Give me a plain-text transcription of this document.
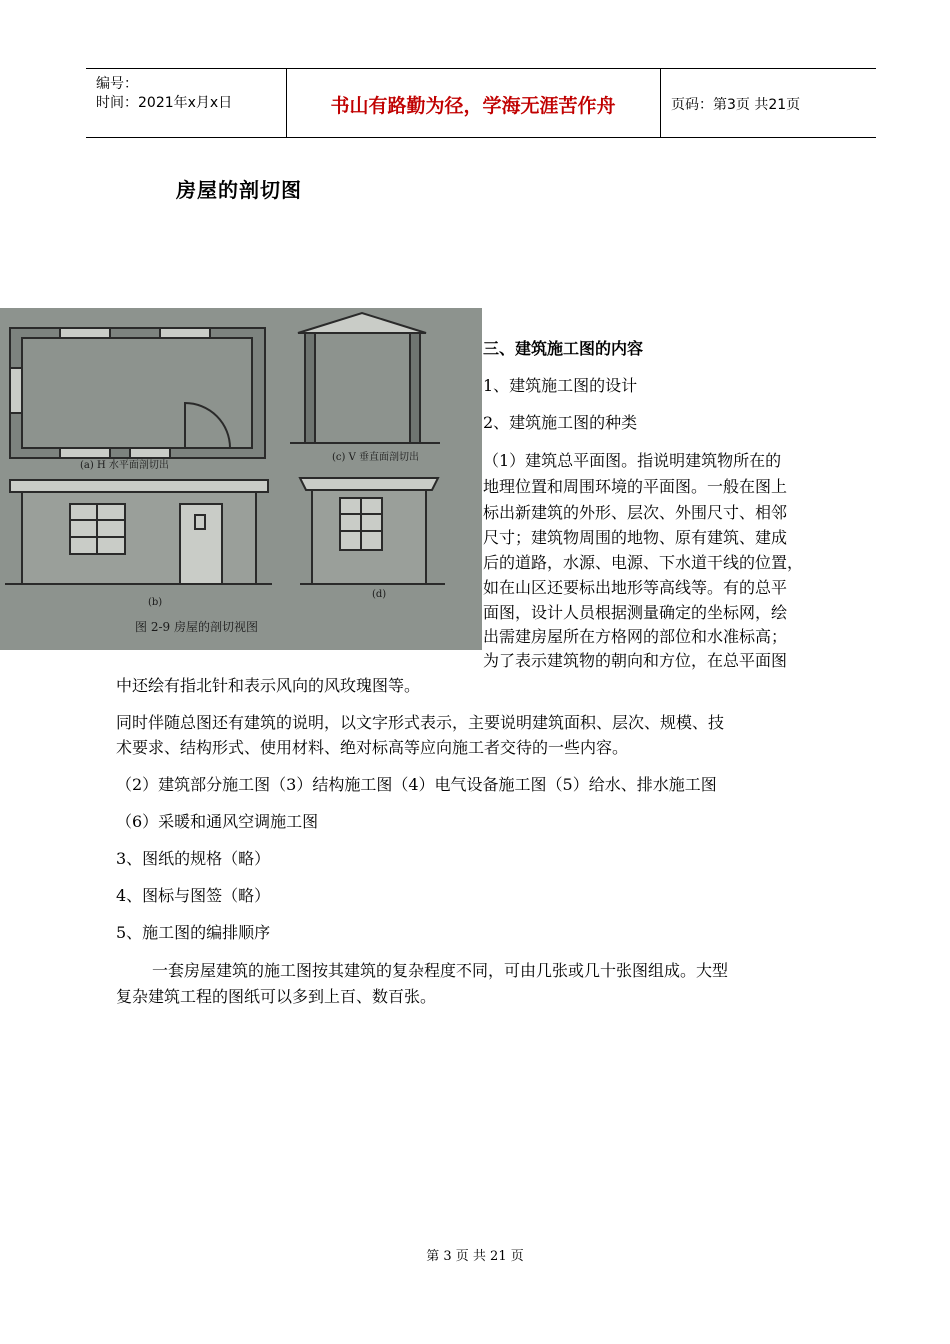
编号：
时间：2021年x月x日	书山有路勤为径，学海无涯苦作舟	页码：第3页 共21页
房屋的剖切图
(a) H 水平面剖切出
(c) V 垂直面剖切出
(b)
(d)
图 2-9 房屋的剖切视图
三、建筑施工图的内容
1、建筑施工图的设计
2、建筑施工图的种类
（1）建筑总平面图。指说明建筑物所在的
地理位置和周围环境的平面图。一般在图上
标出新建筑的外形、层次、外围尺寸、相邻
尺寸；建筑物周围的地物、原有建筑、建成
后的道路，水源、电源、下水道干线的位置，
如在山区还要标出地形等高线等。有的总平
面图，设计人员根据测量确定的坐标网，绘
出需建房屋所在方格网的部位和水准标高；
为了表示建筑物的朝向和方位，在总平面图
中还绘有指北针和表示风向的风玫瑰图等。
同时伴随总图还有建筑的说明，以文字形式表示，主要说明建筑面积、层次、规模、技
术要求、结构形式、使用材料、绝对标高等应向施工者交待的一些内容。
（2）建筑部分施工图（3）结构施工图（4）电气设备施工图（5）给水、排水施工图
（6）采暖和通风空调施工图
3、图纸的规格（略）
4、图标与图签（略）
5、施工图的编排顺序
一套房屋建筑的施工图按其建筑的复杂程度不同，可由几张或几十张图组成。大型
复杂建筑工程的图纸可以多到上百、数百张。
第 3 页 共 21 页
